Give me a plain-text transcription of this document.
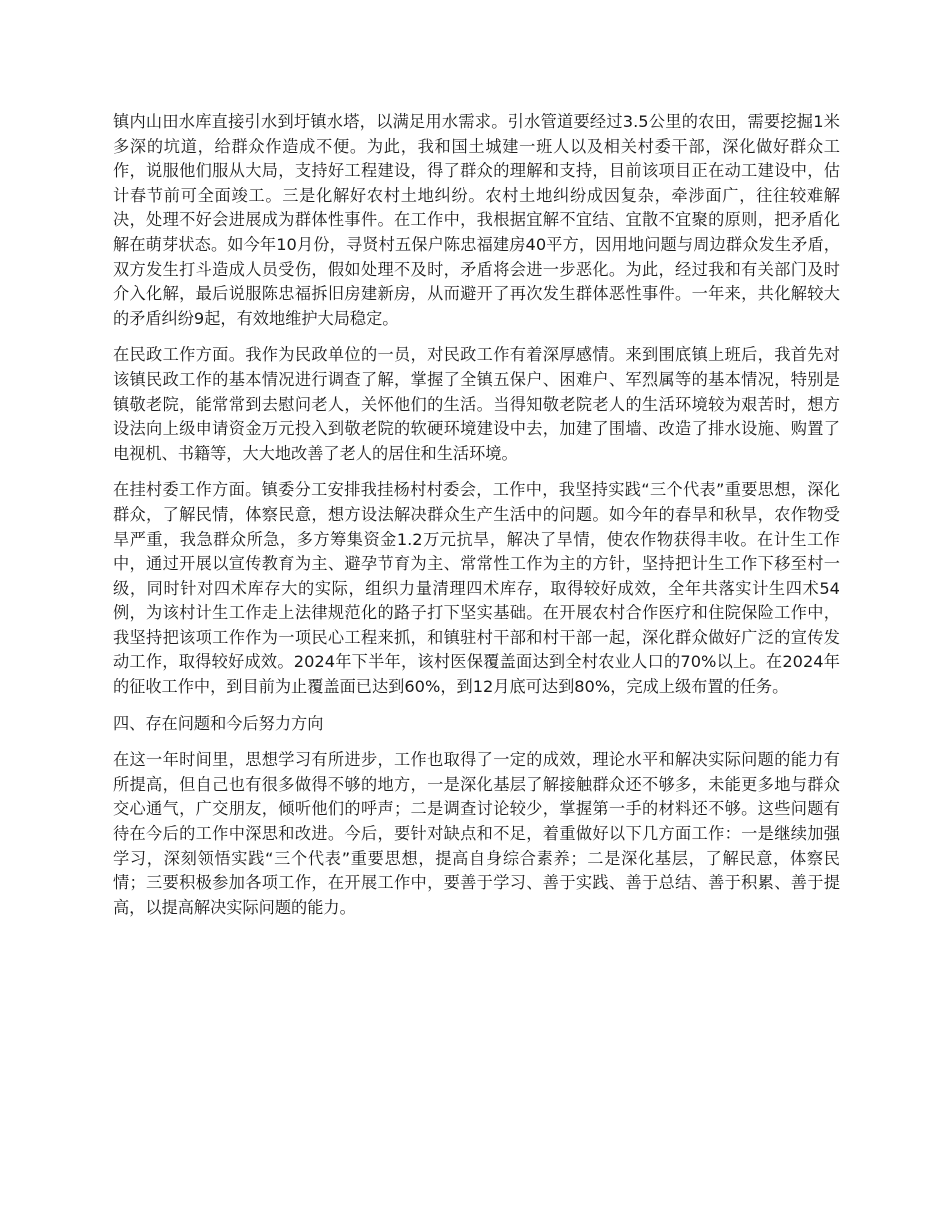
镇内山田水库直接引水到圩镇水塔，以满足用水需求。引水管道要经过3.5公里的农田，需要挖掘1米多深的坑道，给群众作造成不便。为此，我和国土城建一班人以及相关村委干部，深化做好群众工作，说服他们服从大局，支持好工程建设，得了群众的理解和支持，目前该项目正在动工建设中，估计春节前可全面竣工。三是化解好农村土地纠纷。农村土地纠纷成因复杂，牵涉面广，往往较难解决，处理不好会进展成为群体性事件。在工作中，我根据宜解不宜结、宜散不宜聚的原则，把矛盾化解在萌芽状态。如今年10月份，寻贤村五保户陈忠福建房40平方，因用地问题与周边群众发生矛盾，双方发生打斗造成人员受伤，假如处理不及时，矛盾将会进一步恶化。为此，经过我和有关部门及时介入化解，最后说服陈忠福拆旧房建新房，从而避开了再次发生群体恶性事件。一年来，共化解较大的矛盾纠纷9起，有效地维护大局稳定。

在民政工作方面。我作为民政单位的一员，对民政工作有着深厚感情。来到围底镇上班后，我首先对该镇民政工作的基本情况进行调查了解，掌握了全镇五保户、困难户、军烈属等的基本情况，特别是镇敬老院，能常常到去慰问老人，关怀他们的生活。当得知敬老院老人的生活环境较为艰苦时，想方设法向上级申请资金万元投入到敬老院的软硬环境建设中去，加建了围墙、改造了排水设施、购置了电视机、书籍等，大大地改善了老人的居住和生活环境。

在挂村委工作方面。镇委分工安排我挂杨村村委会，工作中，我坚持实践“三个代表”重要思想，深化群众，了解民情，体察民意，想方设法解决群众生产生活中的问题。如今年的春旱和秋旱，农作物受旱严重，我急群众所急，多方筹集资金1.2万元抗旱，解决了旱情，使农作物获得丰收。在计生工作中，通过开展以宣传教育为主、避孕节育为主、常常性工作为主的方针，坚持把计生工作下移至村一级，同时针对四术库存大的实际，组织力量清理四术库存，取得较好成效，全年共落实计生四术54例，为该村计生工作走上法律规范化的路子打下坚实基础。在开展农村合作医疗和住院保险工作中，我坚持把该项工作作为一项民心工程来抓，和镇驻村干部和村干部一起，深化群众做好广泛的宣传发动工作，取得较好成效。2024年下半年，该村医保覆盖面达到全村农业人口的70%以上。在2024年的征收工作中，到目前为止覆盖面已达到60%，到12月底可达到80%，完成上级布置的任务。

四、存在问题和今后努力方向

在这一年时间里，思想学习有所进步，工作也取得了一定的成效，理论水平和解决实际问题的能力有所提高，但自己也有很多做得不够的地方，一是深化基层了解接触群众还不够多，未能更多地与群众交心通气，广交朋友，倾听他们的呼声；二是调查讨论较少，掌握第一手的材料还不够。这些问题有待在今后的工作中深思和改进。今后，要针对缺点和不足，着重做好以下几方面工作：一是继续加强学习，深刻领悟实践“三个代表”重要思想，提高自身综合素养；二是深化基层，了解民意，体察民情；三要积极参加各项工作，在开展工作中，要善于学习、善于实践、善于总结、善于积累、善于提高，以提高解决实际问题的能力。
